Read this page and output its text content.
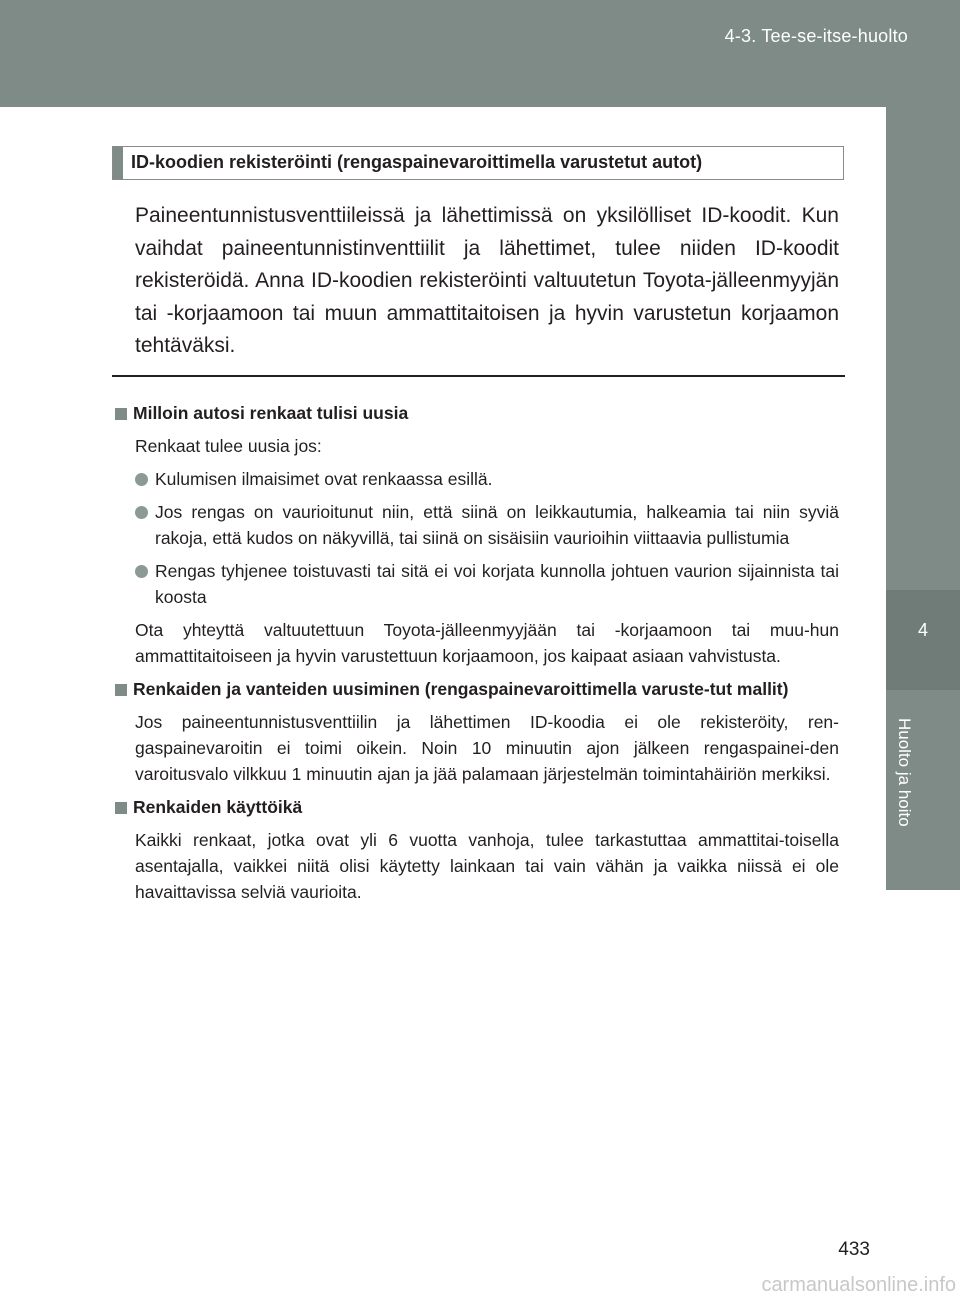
4-3. Tee-se-itse-huolto
4
Huolto ja hoito
ID-koodien rekisteröinti (rengaspainevaroittimella varustetut autot)
Paineentunnistusventtiileissä ja lähettimissä on yksilölliset ID-koodit. Kun vaihdat paineentunnistinventtiilit ja lähettimet, tulee niiden ID-koodit rekisteröidä. Anna ID-koodien rekisteröinti valtuutetun Toyota-jälleenmyyjän tai -korjaamoon tai muun ammattitaitoisen ja hyvin varustetun korjaamon tehtäväksi.
Milloin autosi renkaat tulisi uusia
Renkaat tulee uusia jos:
Kulumisen ilmaisimet ovat renkaassa esillä.
Jos rengas on vaurioitunut niin, että siinä on leikkautumia, halkeamia tai niin syviä rakoja, että kudos on näkyvillä, tai siinä on sisäisiin vaurioihin viittaavia pullistumia
Rengas tyhjenee toistuvasti tai sitä ei voi korjata kunnolla johtuen vaurion sijainnista tai koosta
Ota yhteyttä valtuutettuun Toyota-jälleenmyyjään tai -korjaamoon tai muu-hun ammattitaitoiseen ja hyvin varustettuun korjaamoon, jos kaipaat asiaan vahvistusta.
Renkaiden ja vanteiden uusiminen (rengaspainevaroittimella varuste-tut mallit)
Jos paineentunnistusventtiilin ja lähettimen ID-koodia ei ole rekisteröity, ren-gaspainevaroitin ei toimi oikein. Noin 10 minuutin ajon jälkeen rengaspainei-den varoitusvalo vilkkuu 1 minuutin ajan ja jää palamaan järjestelmän toimintahäiriön merkiksi.
Renkaiden käyttöikä
Kaikki renkaat, jotka ovat yli 6 vuotta vanhoja, tulee tarkastuttaa ammattitai-toisella asentajalla, vaikkei niitä olisi käytetty lainkaan tai vain vähän ja vaikka niissä ei ole havaittavissa selviä vaurioita.
433
carmanualsonline.info
